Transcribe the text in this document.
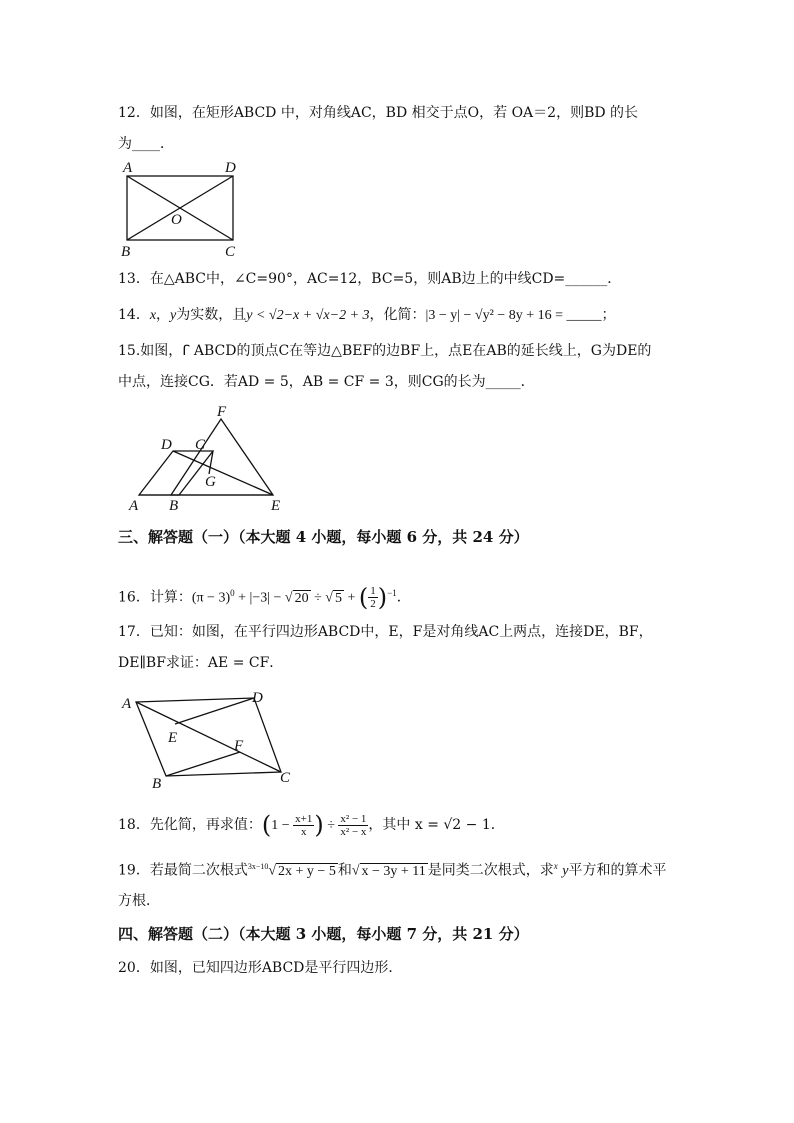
12．如图，在矩形ABCD 中，对角线AC，BD 相交于点O，若 OA＝2，则BD 的长
为____．
A	D
B	C
O
13．在△ABC中，∠C=90°，AC=12，BC=5，则AB边上的中线CD=______．
14．x，y为实数，且y < √2−x + √x−2 + 3，化简：|3 − y| − √y² − 8y + 16 = _____；
15.如图，ꓩ ABCD的顶点C在等边△BEF的边BF上，点E在AB的延长线上，G为DE的
中点，连接CG．若AD = 5，AB = CF = 3，则CG的长为_____．
F
D C
G
A B	E
三、解答题（一）（本大题 4 小题，每小题 6 分，共 24 分）
16．计算：$(\pi - 3)^0 + |-3|$ − √ 20 ÷ √ 5 + ( $\frac{1}{2} )^{-1}$．
17．已知：如图，在平行四边形ABCD中，E，F是对角线AC上两点，连接DE，BF，
DE∥BF求证：AE = CF．
A	D
E	F
B	C
18．先化简，再求值：($1 - \frac{x+1}{x}$ ) ÷ $\frac{\text{x² − 1}}{\text{x² − x}}$ ，其中 x = √2 − 1．
19．若最简二次根式$^{3x-10}$√ 2x + y − 5 和√ x − 3y + 11 是同类二次根式，求$^x$ y平方和的算术平
方根．
四、解答题（二）（本大题 3 小题，每小题 7 分，共 21 分）
20．如图，已知四边形ABCD是平行四边形．
